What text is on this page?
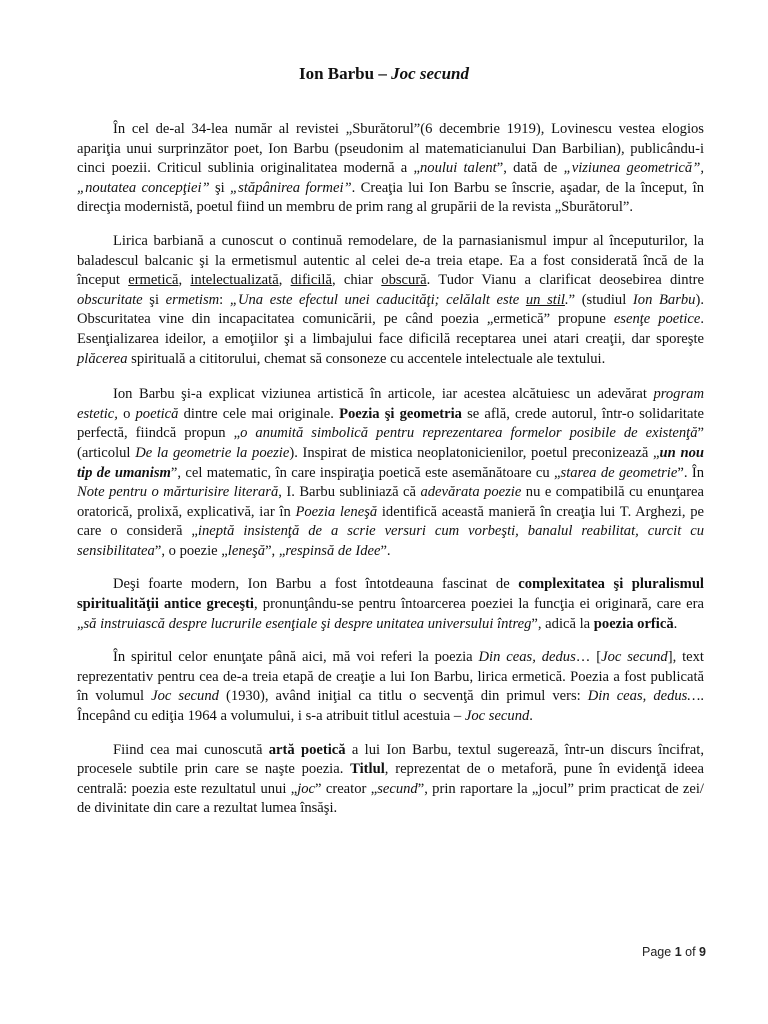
Ion Barbu – Joc secund

În cel de-al 34-lea număr al revistei „Sburătorul”(6 decembrie 1919), Lovinescu vestea elogios apariţia unui surprinzător poet, Ion Barbu (pseudonim al matematicianului Dan Barbilian), publicându-i cinci poezii. Criticul sublinia originalitatea modernă a „noului talent”, dată de „viziunea geometrică”, „noutatea concepţiei” şi „stăpânirea formei”. Creaţia lui Ion Barbu se înscrie, aşadar, de la început, în direcţia modernistă, poetul fiind un membru de prim rang al grupării de la revista „Sburătorul”.

Lirica barbiană a cunoscut o continuă remodelare, de la parnasianismul impur al începuturilor, la baladescul balcanic şi la ermetismul autentic al celei de-a treia etape. Ea a fost considerată încă de la început ermetică, intelectualizată, dificilă, chiar obscură. Tudor Vianu a clarificat deosebirea dintre obscuritate şi ermetism: „Una este efectul unei caducităţi; celălalt este un stil.” (studiul Ion Barbu). Obscuritatea vine din incapacitatea comunicării, pe când poezia „ermetică” propune esenţe poetice. Esenţializarea ideilor, a emoţiilor şi a limbajului face dificilă receptarea unei atari creaţii, dar sporeşte plăcerea spirituală a cititorului, chemat să consoneze cu accentele intelectuale ale textului.

Ion Barbu şi-a explicat viziunea artistică în articole, iar acestea alcătuiesc un adevărat program estetic, o poetică dintre cele mai originale. Poezia şi geometria se află, crede autorul, într-o solidaritate perfectă, fiindcă propun „o anumită simbolică pentru reprezentarea formelor posibile de existenţă” (articolul De la geometrie la poezie). Inspirat de mistica neoplatonicienilor, poetul preconizează „un nou tip de umanism”, cel matematic, în care inspiraţia poetică este asemănătoare cu „starea de geometrie”. În Note pentru o mărturisire literară, I. Barbu subliniază că adevărata poezie nu e compatibilă cu enunţarea oratorică, prolixă, explicativă, iar în Poezia leneşă identifică această manieră în creaţia lui T. Arghezi, pe care o consideră „ineptă insistenţă de a scrie versuri cum vorbeşti, banalul reabilitat, curcit cu sensibilitatea”, o poezie „leneşă”, „respinsă de Idee”.

Deşi foarte modern, Ion Barbu a fost întotdeauna fascinat de complexitatea şi pluralismul spiritualităţii antice greceşti, pronunţându-se pentru întoarcerea poeziei la funcţia ei originară, care era „să instruiască despre lucrurile esenţiale şi despre unitatea universului întreg”, adică la poezia orfică.

În spiritul celor enunţate până aici, mă voi referi la poezia Din ceas, dedus… [Joc secund], text reprezentativ pentru cea de-a treia etapă de creaţie a lui Ion Barbu, lirica ermetică. Poezia a fost publicată în volumul Joc secund (1930), având iniţial ca titlu o secvenţă din primul vers: Din ceas, dedus…. Începând cu ediţia 1964 a volumului, i s-a atribuit titlul acestuia – Joc secund.

Fiind cea mai cunoscută artă poetică a lui Ion Barbu, textul sugerează, într-un discurs încifrat, procesele subtile prin care se naşte poezia. Titlul, reprezentat de o metaforă, pune în evidenţă ideea centrală: poezia este rezultatul unui „joc” creator „secund”, prin raportare la „jocul” prim practicat de zei/ de divinitate din care a rezultat lumea însăşi.

Page 1 of 9
